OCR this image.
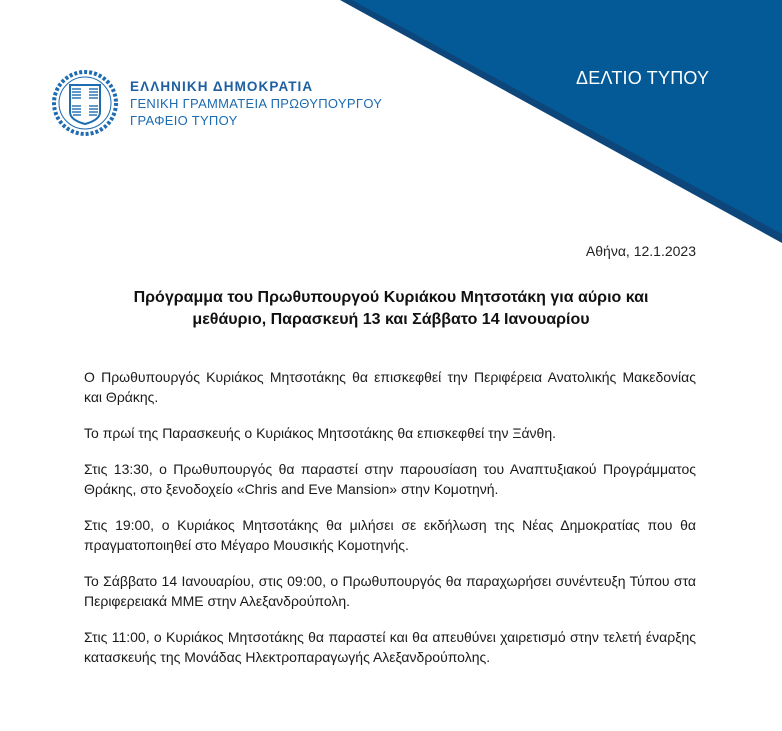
ΔΕΛΤΙΟ ΤΥΠΟΥ
ΕΛΛΗΝΙΚΗ ΔΗΜΟΚΡΑΤΙΑ
ΓΕΝΙΚΗ ΓΡΑΜΜΑΤΕΙΑ ΠΡΩΘΥΠΟΥΡΓΟΥ
ΓΡΑΦΕΙΟ ΤΥΠΟΥ
Αθήνα, 12.1.2023
Πρόγραμμα του Πρωθυπουργού Κυριάκου Μητσοτάκη για αύριο και
μεθάυριο, Παρασκευή 13 και Σάββατο 14 Ιανουαρίου

Ο Πρωθυπουργός Κυριάκος Μητσοτάκης θα επισκεφθεί την Περιφέρεια Ανατολικής Μακεδονίας και Θράκης.

Το πρωί της Παρασκευής ο Κυριάκος Μητσοτάκης θα επισκεφθεί την Ξάνθη.

Στις 13:30, ο Πρωθυπουργός θα παραστεί στην παρουσίαση του Αναπτυξιακού Προγράμματος Θράκης, στο ξενοδοχείο «Chris and Eve Mansion» στην Κομοτηνή.

Στις 19:00, ο Κυριάκος Μητσοτάκης θα μιλήσει σε εκδήλωση της Νέας Δημοκρατίας που θα πραγματοποιηθεί στο Μέγαρο Μουσικής Κομοτηνής.

Το Σάββατο 14 Ιανουαρίου, στις 09:00, ο Πρωθυπουργός θα παραχωρήσει συνέντευξη Τύπου στα Περιφερειακά ΜΜΕ στην Αλεξανδρούπολη.

Στις 11:00, ο Κυριάκος Μητσοτάκης θα παραστεί και θα απευθύνει χαιρετισμό στην τελετή έναρξης κατασκευής της Μονάδας Ηλεκτροπαραγωγής Αλεξανδρούπολης.
